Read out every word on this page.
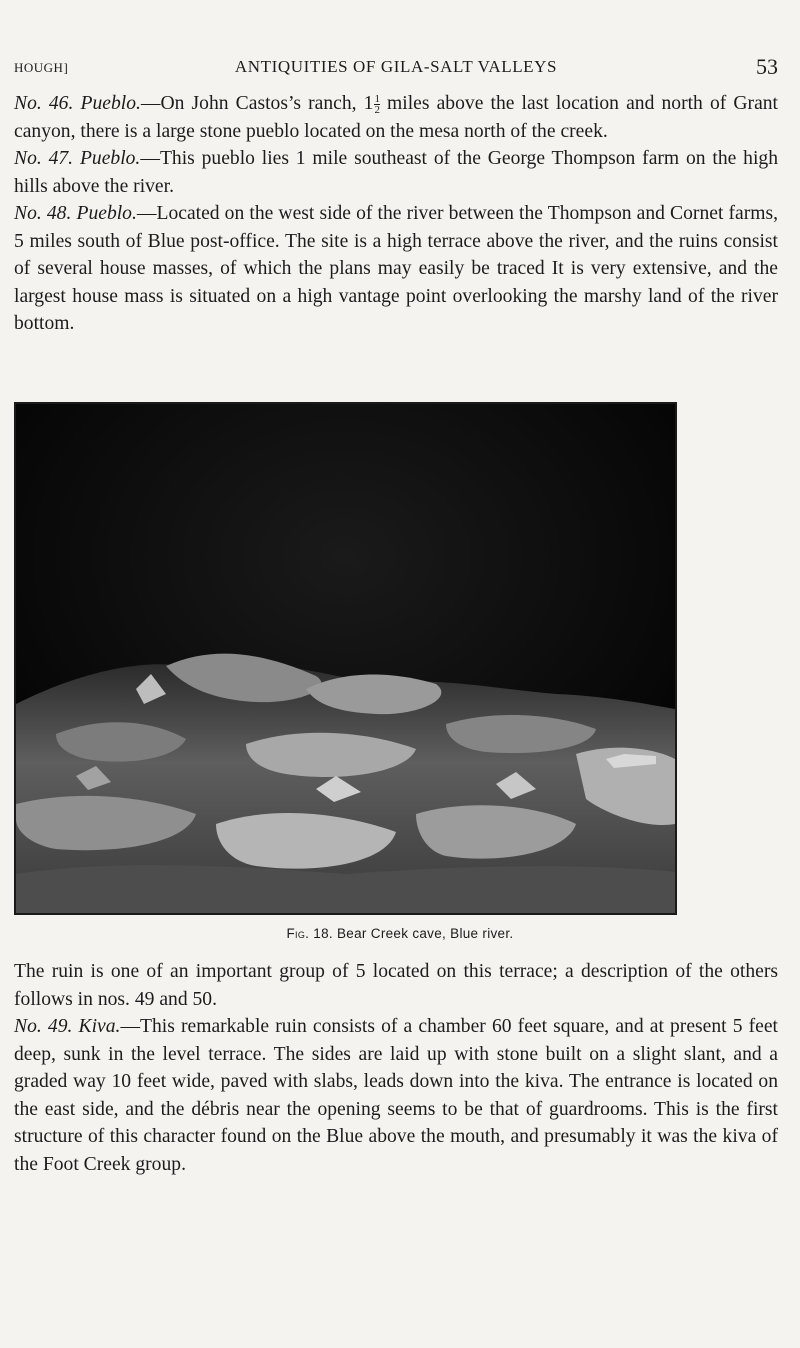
HOUGH]	ANTIQUITIES OF GILA-SALT VALLEYS	53

No. 46. Pueblo.—On John Castos’s ranch, $1 \frac{1}{2}$ miles above the last location and north of Grant canyon, there is a large stone pueblo located on the mesa north of the creek.

No. 47. Pueblo.—This pueblo lies 1 mile southeast of the George Thompson farm on the high hills above the river.

No. 48. Pueblo.—Located on the west side of the river between the Thompson and Cornet farms, 5 miles south of Blue post-office. The site is a high terrace above the river, and the ruins consist of several house masses, of which the plans may easily be traced It is very extensive, and the largest house mass is situated on a high vantage point overlooking the marshy land of the river bottom.

Fig. 18. Bear Creek cave, Blue river.

The ruin is one of an important group of 5 located on this terrace; a description of the others follows in nos. 49 and 50.

No. 49. Kiva.—This remarkable ruin consists of a chamber 60 feet square, and at present 5 feet deep, sunk in the level terrace. The sides are laid up with stone built on a slight slant, and a graded way 10 feet wide, paved with slabs, leads down into the kiva. The entrance is located on the east side, and the débris near the opening seems to be that of guardrooms. This is the first structure of this character found on the Blue above the mouth, and presumably it was the kiva of the Foot Creek group.
